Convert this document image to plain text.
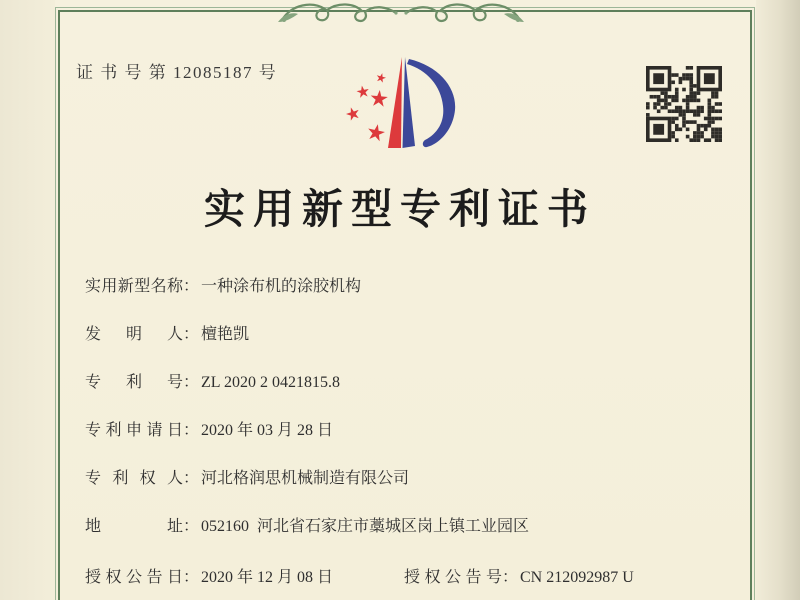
证 书 号 第 12085187 号
实用新型专利证书
实用新型名称： 一种涂布机的涂胶机构
发明人： 檀艳凯
专利号： ZL 2020 2 0421815.8
专利申请日： 2020 年 03 月 28 日
专利权人： 河北格润思机械制造有限公司
地址： 052160  河北省石家庄市藁城区岗上镇工业园区
授权公告日： 2020 年 12 月 08 日	授权公告号： CN 212092987 U
